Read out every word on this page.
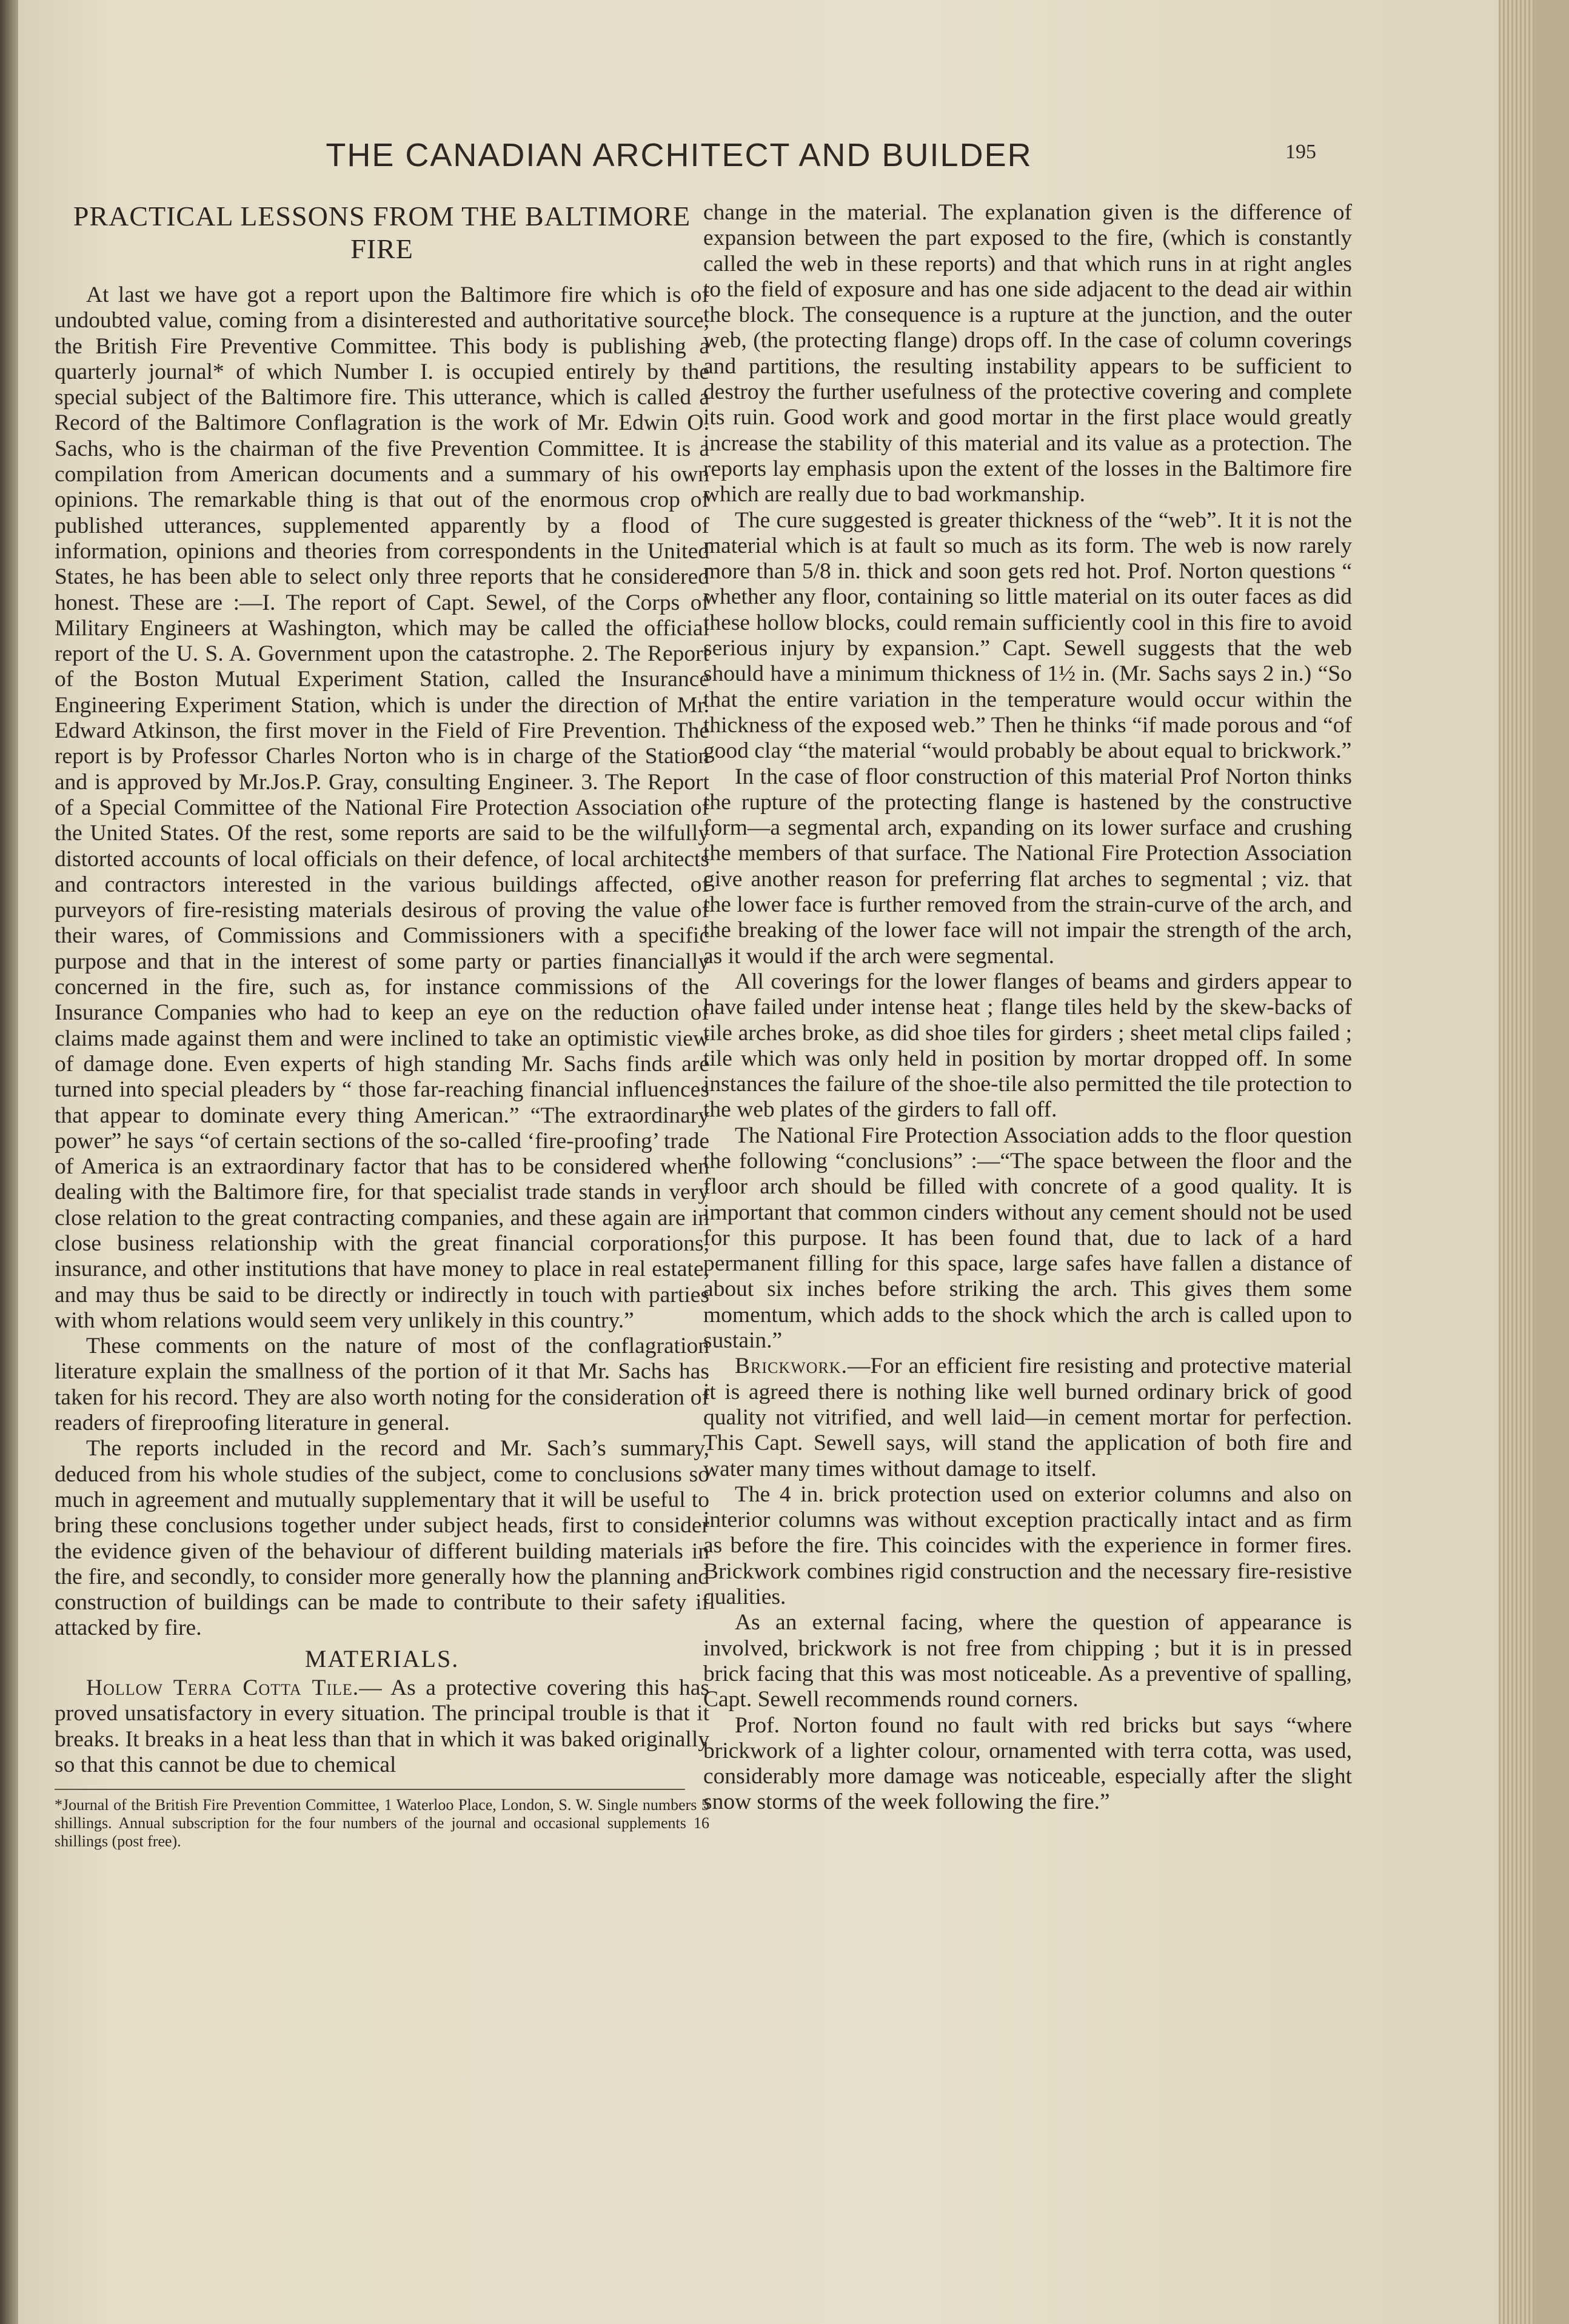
THE CANADIAN ARCHITECT AND BUILDER	195
PRACTICAL LESSONS FROM THE BALTIMORE FIRE

At last we have got a report upon the Baltimore fire which is of undoubted value, coming from a disinterested and authoritative source, the British Fire Preventive Committee. This body is publishing a quarterly journal* of which Number I. is occupied entirely by the special subject of the Baltimore fire. This utterance, which is called a Record of the Baltimore Conflagration is the work of Mr. Edwin O. Sachs, who is the chairman of the five Prevention Committee. It is a compilation from American documents and a summary of his own opinions. The remarkable thing is that out of the enormous crop of published utterances, supplemented apparently by a flood of information, opinions and theories from correspondents in the United States, he has been able to select only three reports that he considered honest. These are :—I. The report of Capt. Sewel, of the Corps of Military Engineers at Washington, which may be called the official report of the U. S. A. Government upon the catastrophe. 2. The Report of the Boston Mutual Experiment Station, called the Insurance Engineering Experiment Station, which is under the direction of Mr. Edward Atkinson, the first mover in the Field of Fire Prevention. The report is by Professor Charles Norton who is in charge of the Station and is approved by Mr.Jos.P. Gray, consulting Engineer. 3. The Report of a Special Committee of the National Fire Protection Association of the United States. Of the rest, some reports are said to be the wilfully distorted accounts of local officials on their defence, of local architects and contractors interested in the various buildings affected, of purveyors of fire-resisting materials desirous of proving the value of their wares, of Commissions and Commissioners with a specific purpose and that in the interest of some party or parties financially concerned in the fire, such as, for instance commissions of the Insurance Companies who had to keep an eye on the reduction of claims made against them and were inclined to take an optimistic view of damage done. Even experts of high standing Mr. Sachs finds are turned into special pleaders by “ those far-reaching financial influences that appear to dominate every thing American.” “The extraordinary power” he says “of certain sections of the so-called ‘fire-proofing’ trade of America is an extraordinary factor that has to be considered when dealing with the Baltimore fire, for that specialist trade stands in very close relation to the great contracting companies, and these again are in close business relationship with the great financial corporations, insurance, and other institutions that have money to place in real estate, and may thus be said to be directly or indirectly in touch with parties with whom relations would seem very unlikely in this country.”

These comments on the nature of most of the conflagration literature explain the smallness of the portion of it that Mr. Sachs has taken for his record. They are also worth noting for the consideration of readers of fireproofing literature in general.

The reports included in the record and Mr. Sach’s summary, deduced from his whole studies of the subject, come to conclusions so much in agreement and mutually supplementary that it will be useful to bring these conclusions together under subject heads, first to consider the evidence given of the behaviour of different building materials in the fire, and secondly, to consider more generally how the planning and construction of buildings can be made to contribute to their safety if attacked by fire.

MATERIALS.

Hollow Terra Cotta Tile.— As a protective covering this has proved unsatisfactory in every situation. The principal trouble is that it breaks. It breaks in a heat less than that in which it was baked originally so that this cannot be due to chemical

*Journal of the British Fire Prevention Committee, 1 Waterloo Place, London, S. W. Single numbers 5 shillings. Annual subscription for the four numbers of the journal and occasional supplements 16 shillings (post free).

change in the material. The explanation given is the difference of expansion between the part exposed to the fire, (which is constantly called the web in these reports) and that which runs in at right angles to the field of exposure and has one side adjacent to the dead air within the block. The consequence is a rupture at the junction, and the outer web, (the protecting flange) drops off. In the case of column coverings and partitions, the resulting instability appears to be sufficient to destroy the further usefulness of the protective covering and complete its ruin. Good work and good mortar in the first place would greatly increase the stability of this material and its value as a protection. The reports lay emphasis upon the extent of the losses in the Baltimore fire which are really due to bad workmanship.

The cure suggested is greater thickness of the “web”. It it is not the material which is at fault so much as its form. The web is now rarely more than 5/8 in. thick and soon gets red hot. Prof. Norton questions “ whether any floor, containing so little material on its outer faces as did these hollow blocks, could remain sufficiently cool in this fire to avoid serious injury by expansion.” Capt. Sewell suggests that the web should have a minimum thickness of 1½ in. (Mr. Sachs says 2 in.) “So that the entire variation in the temperature would occur within the thickness of the exposed web.” Then he thinks “if made porous and “of good clay “the material “would probably be about equal to brickwork.”

In the case of floor construction of this material Prof Norton thinks the rupture of the protecting flange is hastened by the constructive form—a segmental arch, expanding on its lower surface and crushing the members of that surface. The National Fire Protection Association give another reason for preferring flat arches to segmental ; viz. that the lower face is further removed from the strain-curve of the arch, and the breaking of the lower face will not impair the strength of the arch, as it would if the arch were segmental.

All coverings for the lower flanges of beams and girders appear to have failed under intense heat ; flange tiles held by the skew-backs of tile arches broke, as did shoe tiles for girders ; sheet metal clips failed ; tile which was only held in position by mortar dropped off. In some instances the failure of the shoe-tile also permitted the tile protection to the web plates of the girders to fall off.

The National Fire Protection Association adds to the floor question the following “conclusions” :—“The space between the floor and the floor arch should be filled with concrete of a good quality. It is important that common cinders without any cement should not be used for this purpose. It has been found that, due to lack of a hard permanent filling for this space, large safes have fallen a distance of about six inches before striking the arch. This gives them some momentum, which adds to the shock which the arch is called upon to sustain.”

Brickwork.—For an efficient fire resisting and protective material it is agreed there is nothing like well burned ordinary brick of good quality not vitrified, and well laid—in cement mortar for perfection. This Capt. Sewell says, will stand the application of both fire and water many times without damage to itself.

The 4 in. brick protection used on exterior columns and also on interior columns was without exception practically intact and as firm as before the fire. This coincides with the experience in former fires. Brickwork combines rigid construction and the necessary fire-resistive qualities.

As an external facing, where the question of appearance is involved, brickwork is not free from chipping ; but it is in pressed brick facing that this was most noticeable. As a preventive of spalling, Capt. Sewell recommends round corners.

Prof. Norton found no fault with red bricks but says “where brickwork of a lighter colour, ornamented with terra cotta, was used, considerably more damage was noticeable, especially after the slight snow storms of the week following the fire.”
